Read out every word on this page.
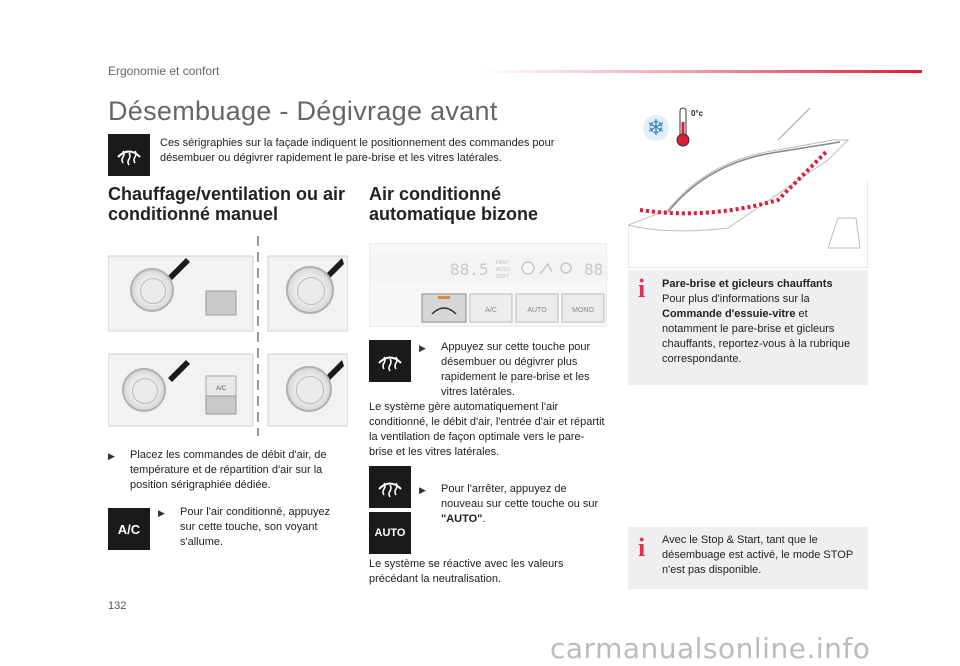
Ergonomie et confort
Désembuage - Dégivrage avant

Ces sérigraphies sur la façade indiquent le positionnement des commandes pour désembuer ou dégivrer rapidement le pare-brise et les vitres latérales.

Chauffage/ventilation ou air conditionné manuel
A/C
▶	Placez les commandes de débit d'air, de température et de répartition d'air sur la position sérigraphiée dédiée.
A/C
▶	Pour l'air conditionné, appuyez sur cette touche, son voyant s'allume.
Air conditionné automatique bizone
88.5 FAST
AUTO
SOFT	88
A/C	AUTO	MONO
▶	Appuyez sur cette touche pour désembuer ou dégivrer plus rapidement le pare-brise et les vitres latérales.

Le système gère automatiquement l'air conditionné, le débit d'air, l'entrée d'air et répartit la ventilation de façon optimale vers le pare-brise et les vitres latérales.

AUTO
▶	Pour l'arrêter, appuyez de nouveau sur cette touche ou sur "AUTO".

Le système se réactive avec les valeurs précédant la neutralisation.

❄
0°c
i Pare-brise et gicleurs chauffants
Pour plus d'informations sur la Commande d'essuie-vitre et notamment le pare-brise et gicleurs chauffants, reportez-vous à la rubrique correspondante.
i Avec le Stop & Start, tant que le désembuage est activé, le mode STOP n'est pas disponible.

132
carmanualsonline.info
